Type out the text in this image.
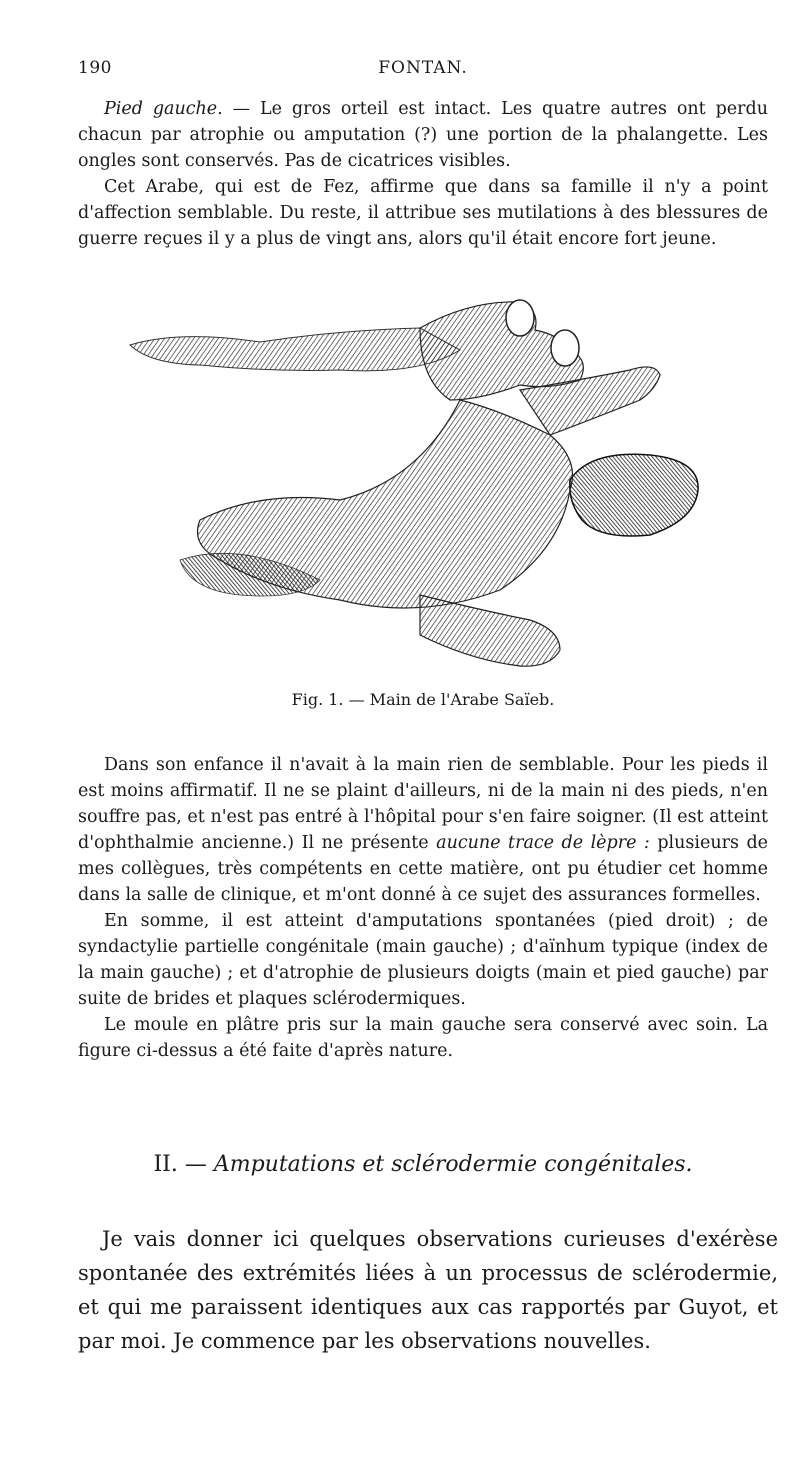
190	FONTAN.

Pied gauche. — Le gros orteil est intact. Les quatre autres ont perdu chacun par atrophie ou amputation (?) une portion de la phalangette. Les ongles sont conservés. Pas de cicatrices visibles.

Cet Arabe, qui est de Fez, affirme que dans sa famille il n'y a point d'affection semblable. Du reste, il attribue ses mutilations à des blessures de guerre reçues il y a plus de vingt ans, alors qu'il était encore fort jeune.

Fig. 1. — Main de l'Arabe Saïeb.

Dans son enfance il n'avait à la main rien de semblable. Pour les pieds il est moins affirmatif. Il ne se plaint d'ailleurs, ni de la main ni des pieds, n'en souffre pas, et n'est pas entré à l'hôpital pour s'en faire soigner. (Il est atteint d'ophthalmie ancienne.) Il ne présente aucune trace de lèpre : plusieurs de mes collègues, très compétents en cette matière, ont pu étudier cet homme dans la salle de clinique, et m'ont donné à ce sujet des assurances formelles.

En somme, il est atteint d'amputations spontanées (pied droit) ; de syndactylie partielle congénitale (main gauche) ; d'aïnhum typique (index de la main gauche) ; et d'atrophie de plusieurs doigts (main et pied gauche) par suite de brides et plaques sclérodermiques.

Le moule en plâtre pris sur la main gauche sera conservé avec soin. La figure ci-dessus a été faite d'après nature.

II. — Amputations et sclérodermie congénitales.

Je vais donner ici quelques observations curieuses d'exérèse spontanée des extrémités liées à un processus de sclérodermie, et qui me paraissent identiques aux cas rapportés par Guyot, et par moi. Je commence par les observations nouvelles.
